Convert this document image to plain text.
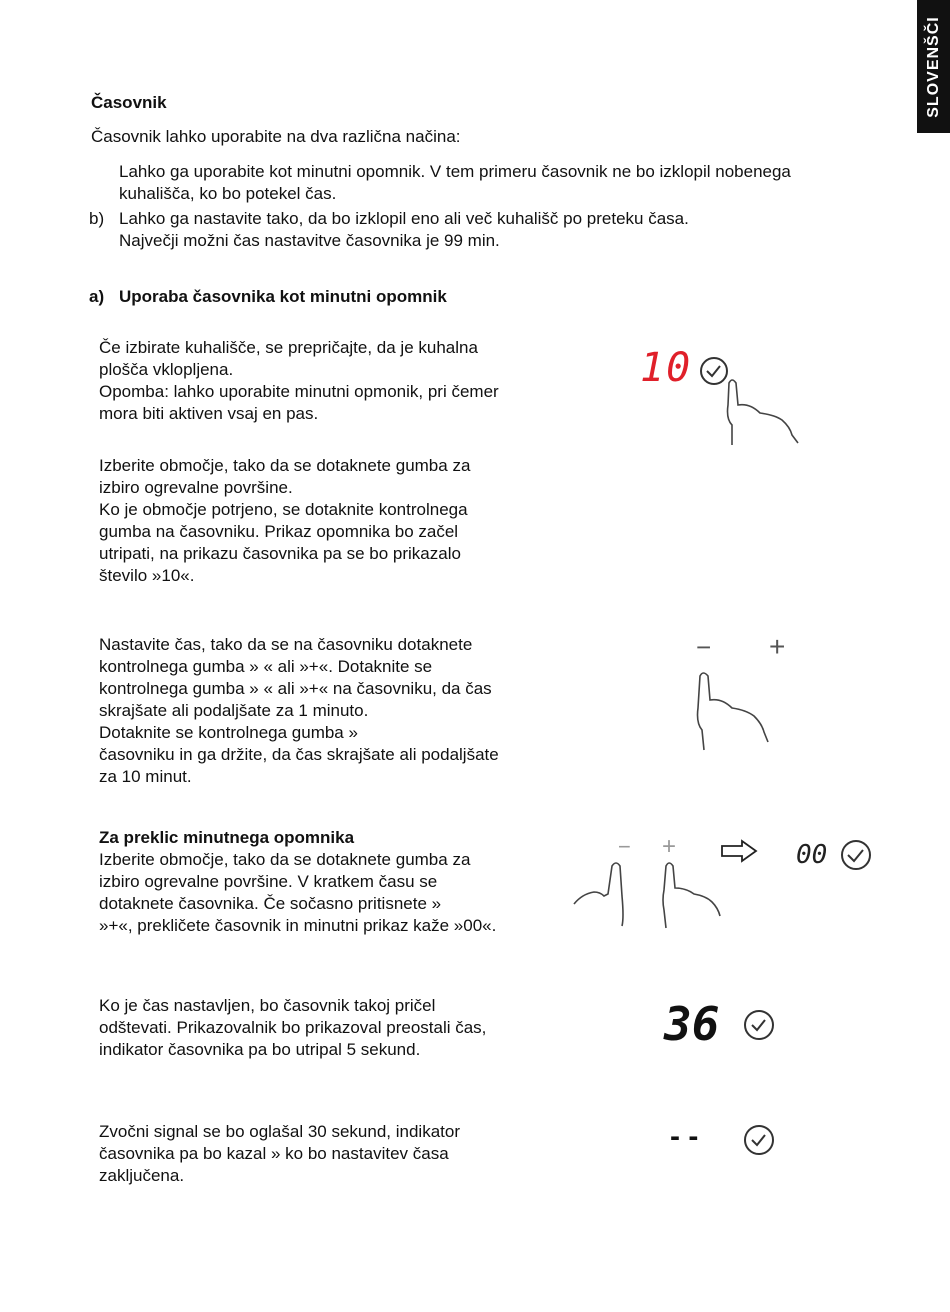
SLOVENŠČI
Časovnik
Časovnik lahko uporabite na dva različna načina:
Lahko ga uporabite kot minutni opomnik. V tem primeru časovnik ne bo izklopil nobenega
kuhališča, ko bo potekel čas.
b) Lahko ga nastavite tako, da bo izklopil eno ali več kuhališč po preteku časa.
Največji možni čas nastavitve časovnika je 99 min.
a) Uporaba časovnika kot minutni opomnik
Če izbirate kuhališče, se prepričajte, da je kuhalna
plošča vklopljena.
Opomba: lahko uporabite minutni opmonik, pri čemer
mora biti aktiven vsaj en pas.
Izberite območje, tako da se dotaknete gumba za
izbiro ogrevalne površine.
Ko je območje potrjeno, se dotaknite kontrolnega
gumba na časovniku. Prikaz opomnika bo začel
utripati, na prikazu časovnika pa se bo prikazalo
število »10«.
Nastavite čas, tako da se na časovniku dotaknete
kontrolnega gumba » « ali »+«. Dotaknite se
kontrolnega gumba » « ali »+« na časovniku, da čas
skrajšate ali podaljšate za 1 minuto.
Dotaknite se kontrolnega gumba »
časovniku in ga držite, da čas skrajšate ali podaljšate
za 10 minut.
Za preklic minutnega opomnika
Izberite območje, tako da se dotaknete gumba za
izbiro ogrevalne površine. V kratkem času se
dotaknete časovnika. Če sočasno pritisnete »
»+«, prekličete časovnik in minutni prikaz kaže »00«.
Ko je čas nastavljen, bo časovnik takoj pričel
odštevati. Prikazovalnik bo prikazoval preostali čas,
indikator časovnika pa bo utripal 5 sekund.
Zvočni signal se bo oglašal 30 sekund, indikator
časovnika pa bo kazal » ko bo nastavitev časa
zaključena.
10
− +
− +	00
36
- -
